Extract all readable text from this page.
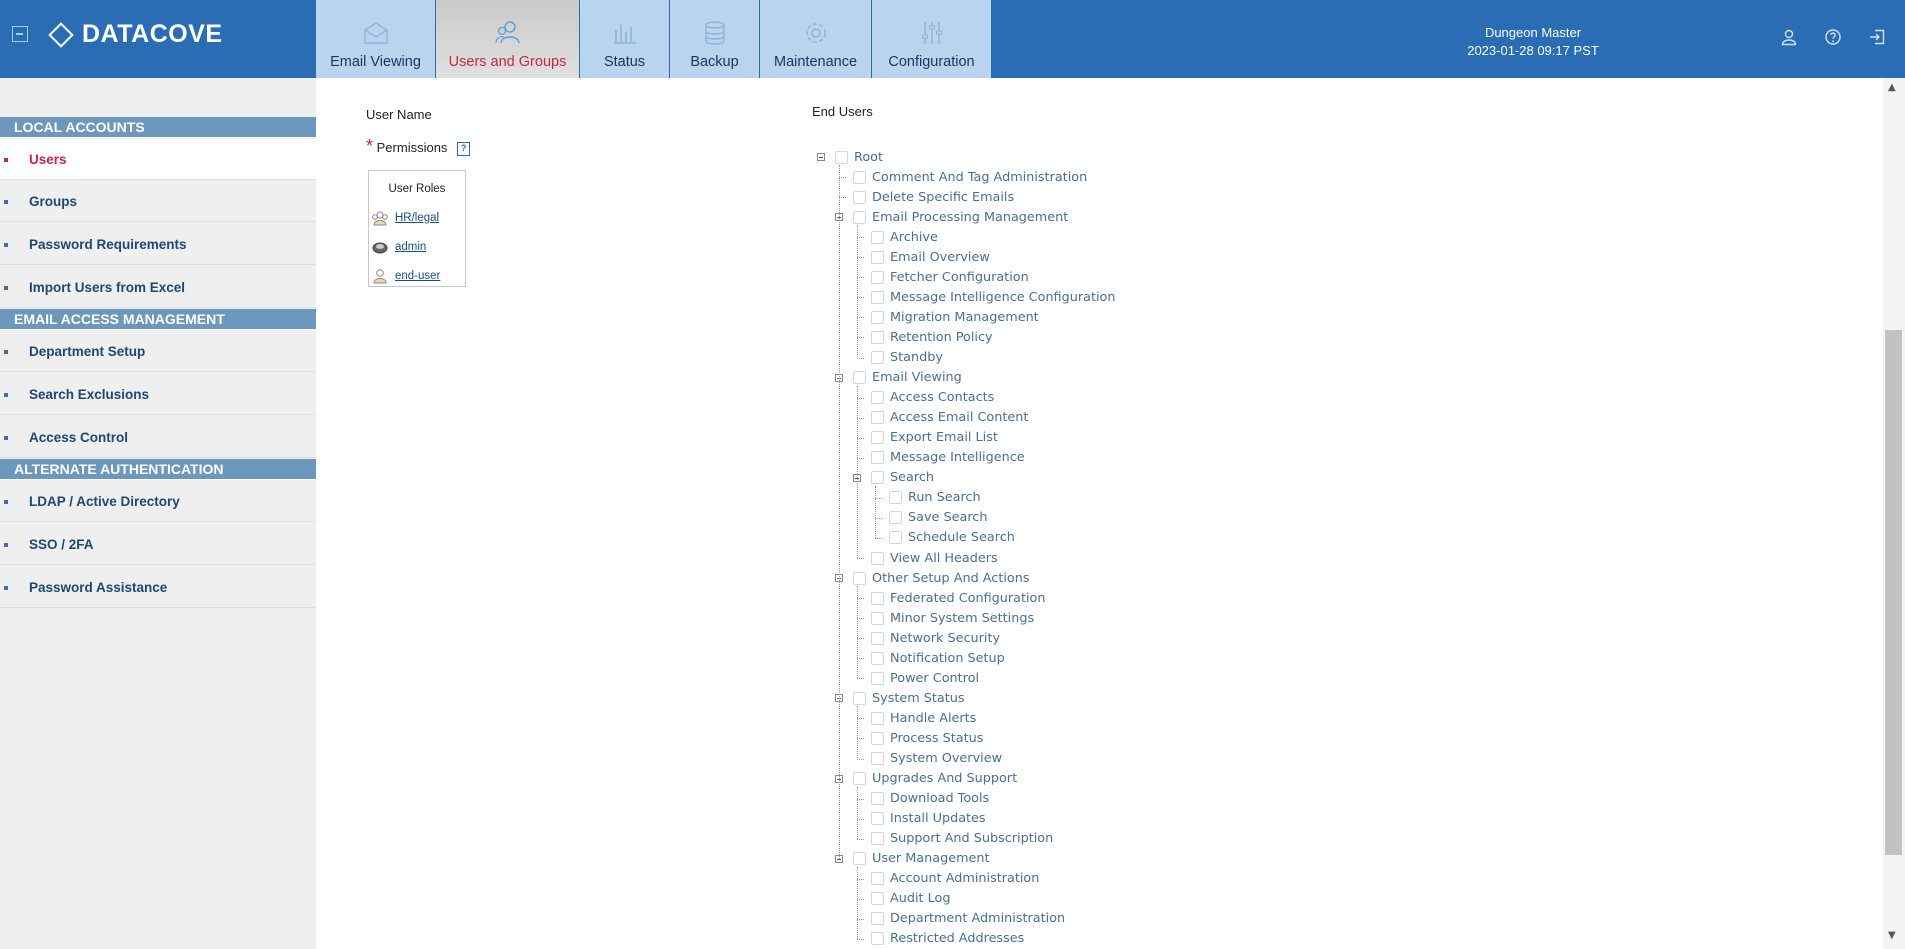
DATACOVE
Email Viewing Users and Groups	Status	Backup Maintenance Configuration
Dungeon Master
2023-01-28 09:17 PST
LOCAL ACCOUNTS
Users
Groups
Password Requirements
Import Users from Excel
EMAIL ACCESS MANAGEMENT
Department Setup
Search Exclusions
Access Control
ALTERNATE AUTHENTICATION
LDAP / Active Directory
SSO / 2FA
Password Assistance
User Name
* Permissions ?
User Roles
HR/legal
admin
end-user
End Users
Root
Comment And Tag Administration
Delete Specific Emails
Email Processing Management
Archive
Email Overview
Fetcher Configuration
Message Intelligence Configuration
Migration Management
Retention Policy
Standby
Email Viewing
Access Contacts
Access Email Content
Export Email List
Message Intelligence
Search
Run Search
Save Search
Schedule Search
View All Headers
Other Setup And Actions
Federated Configuration
Minor System Settings
Network Security
Notification Setup
Power Control
System Status
Handle Alerts
Process Status
System Overview
Upgrades And Support
Download Tools
Install Updates
Support And Subscription
User Management
Account Administration
Audit Log
Department Administration
Restricted Addresses
▲
▼
